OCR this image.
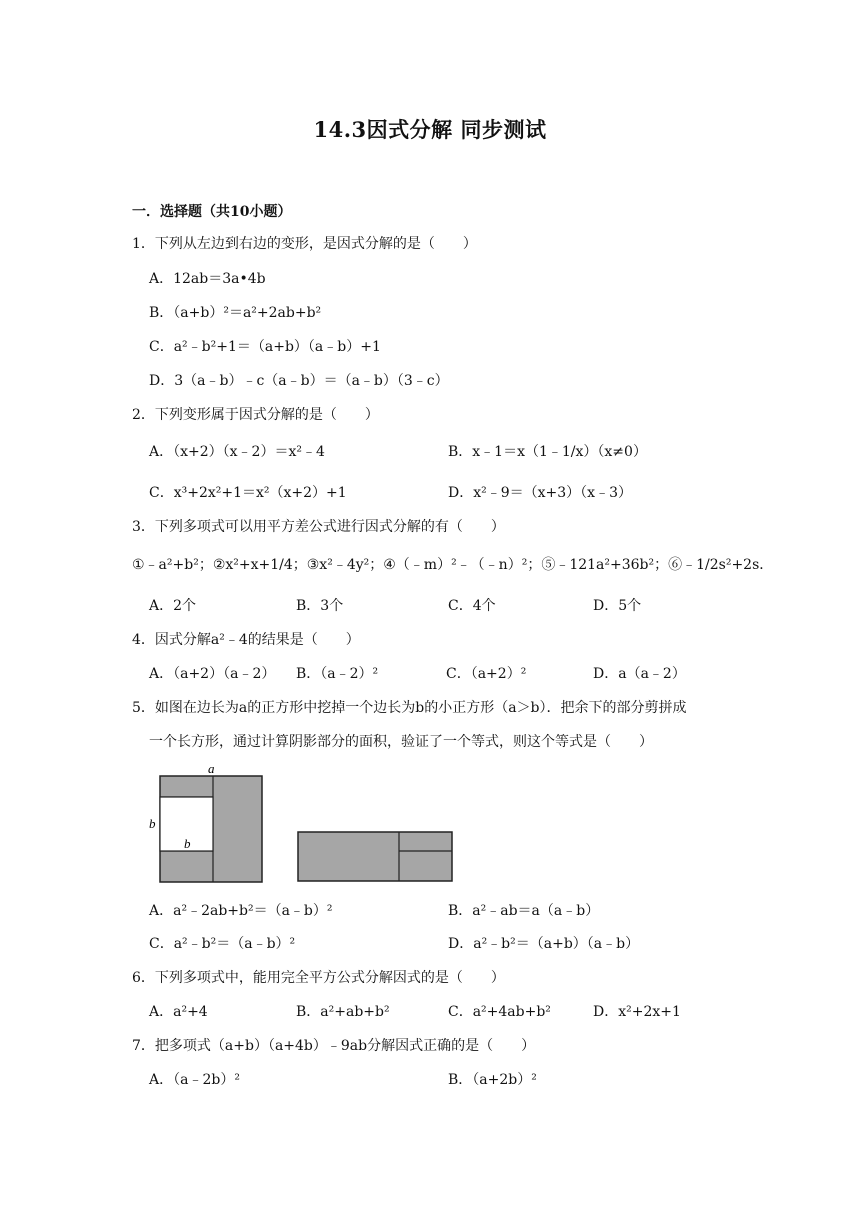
14.3因式分解 同步测试
一．选择题（共10小题）
1．下列从左边到右边的变形，是因式分解的是（　　）
A．12ab＝3a•4b
B．（a+b）²＝a²+2ab+b²
C．a²﹣b²+1＝（a+b）（a﹣b）+1
D．3（a﹣b）﹣c（a﹣b）＝（a﹣b）（3﹣c）
2．下列变形属于因式分解的是（　　）
A．（x+2）（x﹣2）＝x²﹣4	B．x﹣1＝x（1﹣1/x）（x≠0）
C．x³+2x²+1＝x²（x+2）+1	D．x²﹣9＝（x+3）（x﹣3）
3．下列多项式可以用平方差公式进行因式分解的有（　　）
①﹣a²+b²；②x²+x+1/4；③x²﹣4y²；④（﹣m）²﹣（﹣n）²；⑤﹣121a²+36b²；⑥﹣1/2s²+2s．
A．2个	B．3个	C．4个	D．5个
4．因式分解a²﹣4的结果是（　　）
A．（a+2）（a﹣2） B．（a﹣2）²	C．（a+2）²	D．a（a﹣2）
5．如图在边长为a的正方形中挖掉一个边长为b的小正方形（a＞b）．把余下的部分剪拼成
一个长方形，通过计算阴影部分的面积，验证了一个等式，则这个等式是（　　）
a
b
b
A．a²﹣2ab+b²＝（a﹣b）²	B．a²﹣ab＝a（a﹣b）
C．a²﹣b²＝（a﹣b）²	D．a²﹣b²＝（a+b）（a﹣b）
6．下列多项式中，能用完全平方公式分解因式的是（　　）
A．a²+4	B．a²+ab+b²	C．a²+4ab+b²	D．x²+2x+1
7．把多项式（a+b）（a+4b）﹣9ab分解因式正确的是（　　）
A．（a﹣2b）²	B．（a+2b）²
